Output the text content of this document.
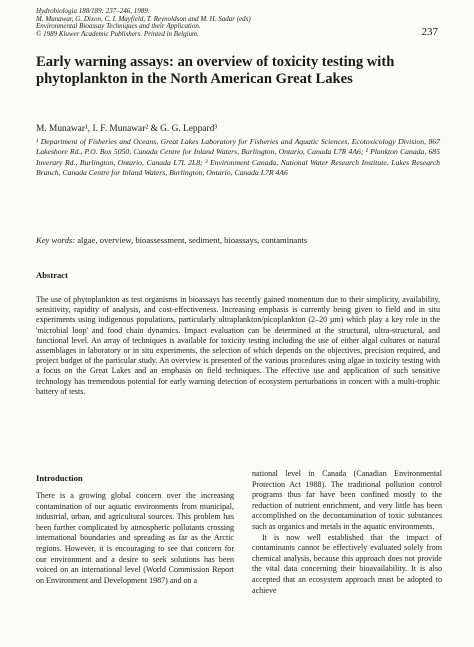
Hydrobiologia 188/189: 237–246, 1989.
M. Munawar, G. Dixon, C. I. Mayfield, T. Reynoldson and M. H. Sadar (eds)
Environmental Bioassay Techniques and their Application.
© 1989 Kluwer Academic Publishers. Printed in Belgium.	237
Early warning assays: an overview of toxicity testing with phytoplankton in the North American Great Lakes
M. Munawar¹, I. F. Munawar² & G. G. Leppard³
¹ Department of Fisheries and Oceans, Great Lakes Laboratory for Fisheries and Aquatic Sciences, Ecotoxicology Division, 867 Lakeshore Rd., P.O. Box 5050, Canada Centre for Inland Waters, Burlington, Ontario, Canada L7R 4A6; ² Plankton Canada, 685 Inverary Rd., Burlington, Ontario, Canada L7L 2L8; ³ Environment Canada, National Water Research Institute, Lakes Research Branch, Canada Centre for Inland Waters, Burlington, Ontario, Canada L7R 4A6
Key words: algae, overview, bioassessment, sediment, bioassays, contaminants
Abstract

The use of phytoplankton as test organisms in bioassays has recently gained momentum due to their simplicity, availability, sensitivity, rapidity of analysis, and cost-effectiveness. Increasing emphasis is currently being given to field and in situ experiments using indigenous populations, particularly ultraplankton/picoplankton (2–20 µm) which play a key role in the 'microbial loop' and food chain dynamics. Impact evaluation can be determined at the structural, ultra-structural, and functional level. An array of techniques is available for toxicity testing including the use of either algal cultures or natural assemblages in laboratory or in situ experiments, the selection of which depends on the objectives, precision required, and project budget of the particular study. An overview is presented of the various procedures using algae in toxicity testing with a focus on the Great Lakes and an emphasis on field techniques. The effective use and application of such sensitive technology has tremendous potential for early warning detection of ecosystem perturbations in concert with a multi-trophic battery of tests.

Introduction

There is a growing global concern over the increasing contamination of our aquatic environments from municipal, industrial, urban, and agricultural sources. This problem has been further complicated by atmospheric pollutants crossing international boundaries and spreading as far as the Arctic regions. However, it is encouraging to see that concern for our environment and a desire to seek solutions has been voiced on an international level (World Commission Report on Environment and Development 1987) and on a

national level in Canada (Canadian Environmental Protection Act 1988). The traditional pollution control programs thus far have been confined mostly to the reduction of nutrient enrichment, and very little has been accomplished on the decontamination of toxic substances such as organics and metals in the aquatic environments.

It is now well established that the impact of contaminants cannot be effectively evaluated solely from chemical analysis, because this approach does not provide the vital data concerning their bioavailability. It is also accepted that an ecosystem approach must be adopted to achieve
